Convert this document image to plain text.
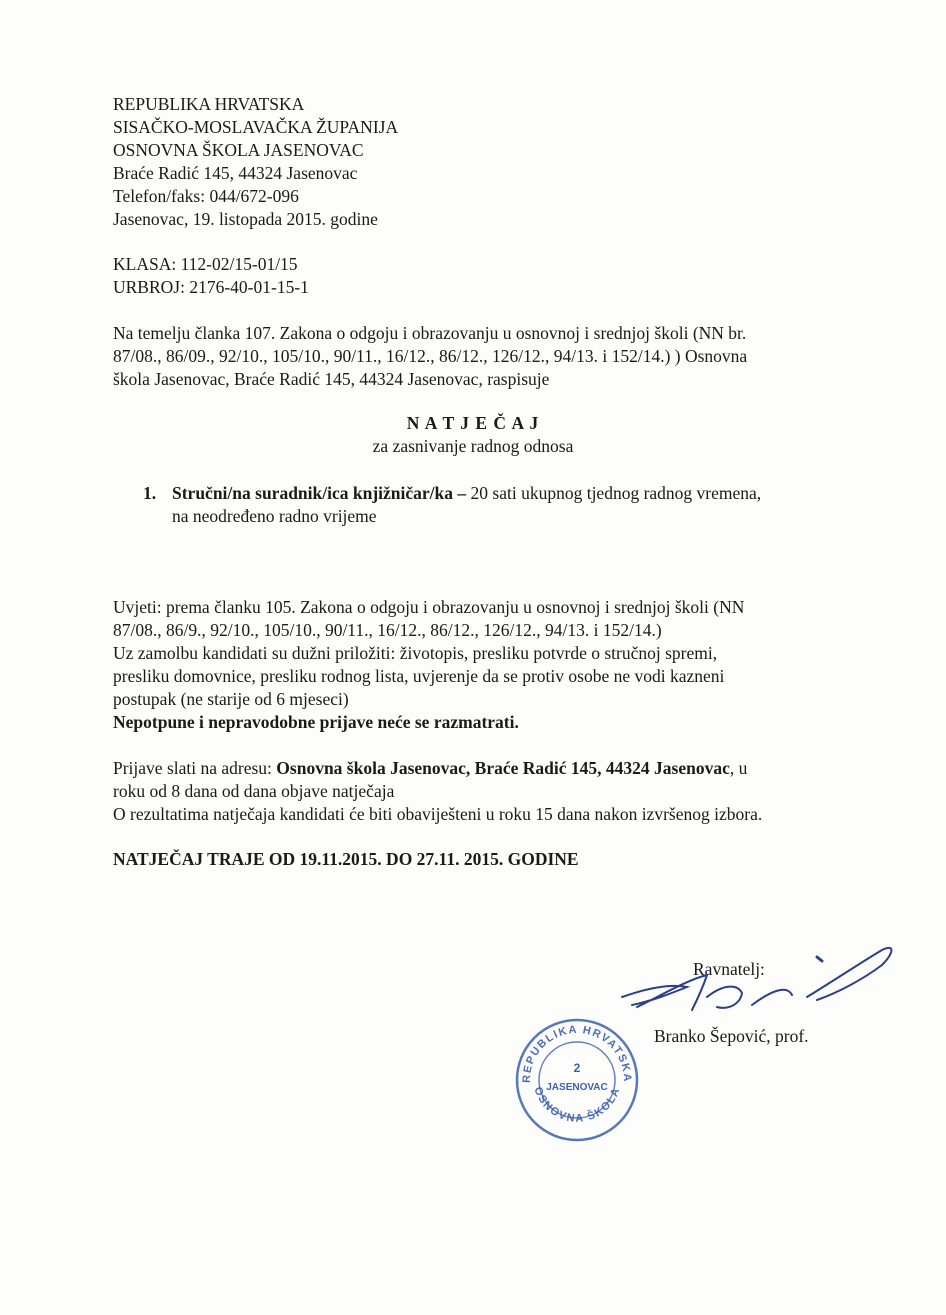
REPUBLIKA HRVATSKA
SISAČKO-MOSLAVAČKA ŽUPANIJA
OSNOVNA ŠKOLA JASENOVAC
Braće Radić 145, 44324 Jasenovac
Telefon/faks: 044/672-096
Jasenovac, 19. listopada 2015. godine
KLASA: 112-02/15-01/15
URBROJ: 2176-40-01-15-1
Na temelju članka 107. Zakona o odgoju i obrazovanju u osnovnoj i srednjoj školi (NN br.
87/08., 86/09., 92/10., 105/10., 90/11., 16/12., 86/12., 126/12., 94/13. i 152/14.) ) Osnovna
škola Jasenovac, Braće Radić 145, 44324 Jasenovac, raspisuje
N A T J E Č A J
za zasnivanje radnog odnosa
1. Stručni/na suradnik/ica knjižničar/ka – 20 sati ukupnog tjednog radnog vremena,
na neodređeno radno vrijeme
Uvjeti: prema članku 105. Zakona o odgoju i obrazovanju u osnovnoj i srednjoj školi (NN
87/08., 86/9., 92/10., 105/10., 90/11., 16/12., 86/12., 126/12., 94/13. i 152/14.)
Uz zamolbu kandidati su dužni priložiti: životopis, presliku potvrde o stručnoj spremi,
presliku domovnice, presliku rodnog lista, uvjerenje da se protiv osobe ne vodi kazneni
postupak (ne starije od 6 mjeseci)
Nepotpune i nepravodobne prijave neće se razmatrati.
Prijave slati na adresu: Osnovna škola Jasenovac, Braće Radić 145, 44324 Jasenovac, u
roku od 8 dana od dana objave natječaja
O rezultatima natječaja kandidati će biti obaviješteni u roku 15 dana nakon izvršenog izbora.
NATJEČAJ TRAJE OD 19.11.2015. DO 27.11. 2015. GODINE
Ravnatelj:
Branko Šepović, prof.
REPUBLIKA HRVATSKA
OSNOVNA ŠKOLA
2
JASENOVAC
